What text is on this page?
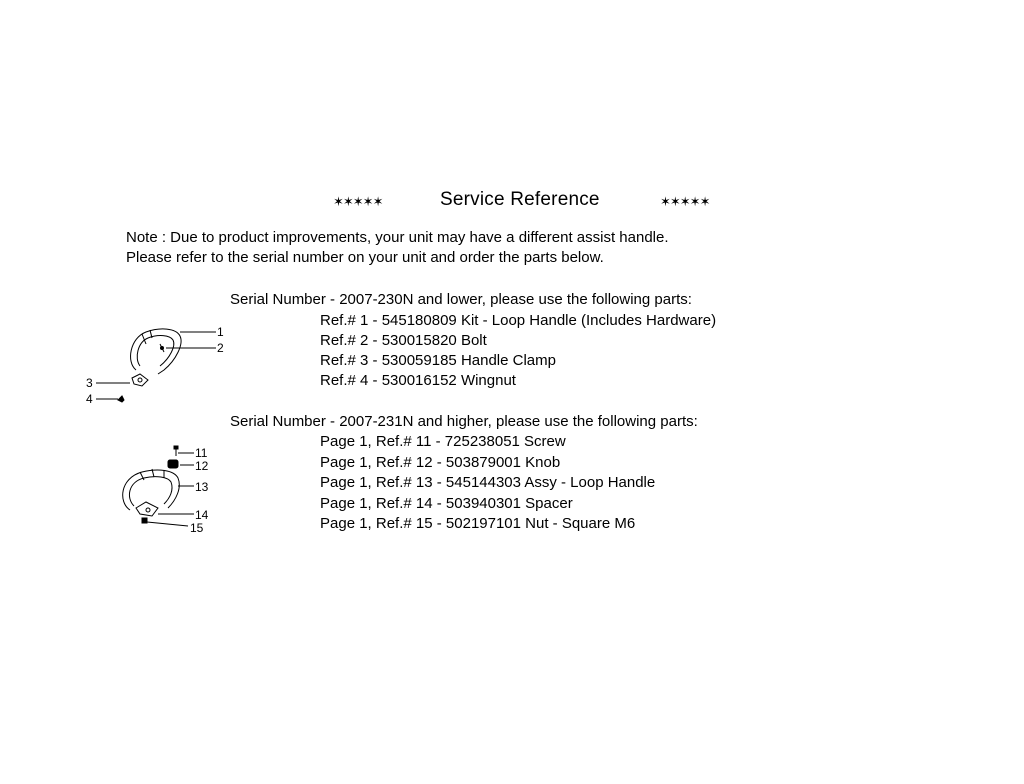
✶✶✶✶✶	Service Reference	✶✶✶✶✶
Note : Due to product improvements, your unit may have a different assist handle.
Please refer to the serial number on your unit and order the parts below.
Serial Number - 2007-230N and lower, please use the following parts:
Ref.# 1 - 545180809 Kit - Loop Handle (Includes Hardware)
Ref.# 2 - 530015820 Bolt
Ref.# 3 - 530059185 Handle Clamp
Ref.# 4 - 530016152 Wingnut
1
2
3
4
Serial Number - 2007-231N and higher, please use the following parts:
Page 1, Ref.# 11 - 725238051 Screw
Page 1, Ref.# 12 - 503879001 Knob
Page 1, Ref.# 13 - 545144303 Assy - Loop Handle
Page 1, Ref.# 14 - 503940301 Spacer
Page 1, Ref.# 15 - 502197101 Nut - Square M6
11
12
13
14
15
